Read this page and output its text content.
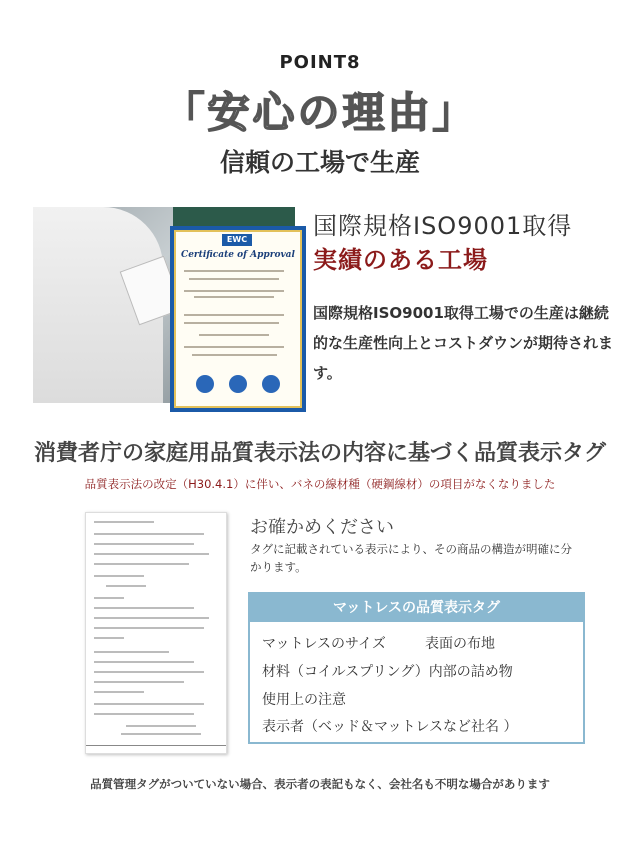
POINT8
「安心の理由」
信頼の工場で生産
EWC
Certificate of Approval
国際規格ISO9001取得
実績のある工場
国際規格ISO9001取得工場での生産は継続的な生産性向上とコストダウンが期待されます。
消費者庁の家庭用品質表示法の内容に基づく品質表示タグ
品質表示法の改定（H30.4.1）に伴い、バネの線材種（硬鋼線材）の項目がなくなりました
お確かめください
タグに記載されている表示により、その商品の構造が明確に分かります。
マットレスの品質表示タグ
マットレスのサイズ	表面の布地
材料（コイルスプリング）内部の詰め物
使用上の注意
表示者（ベッド＆マットレスなど社名 ）
品質管理タグがついていない場合、表示者の表記もなく、会社名も不明な場合があります
